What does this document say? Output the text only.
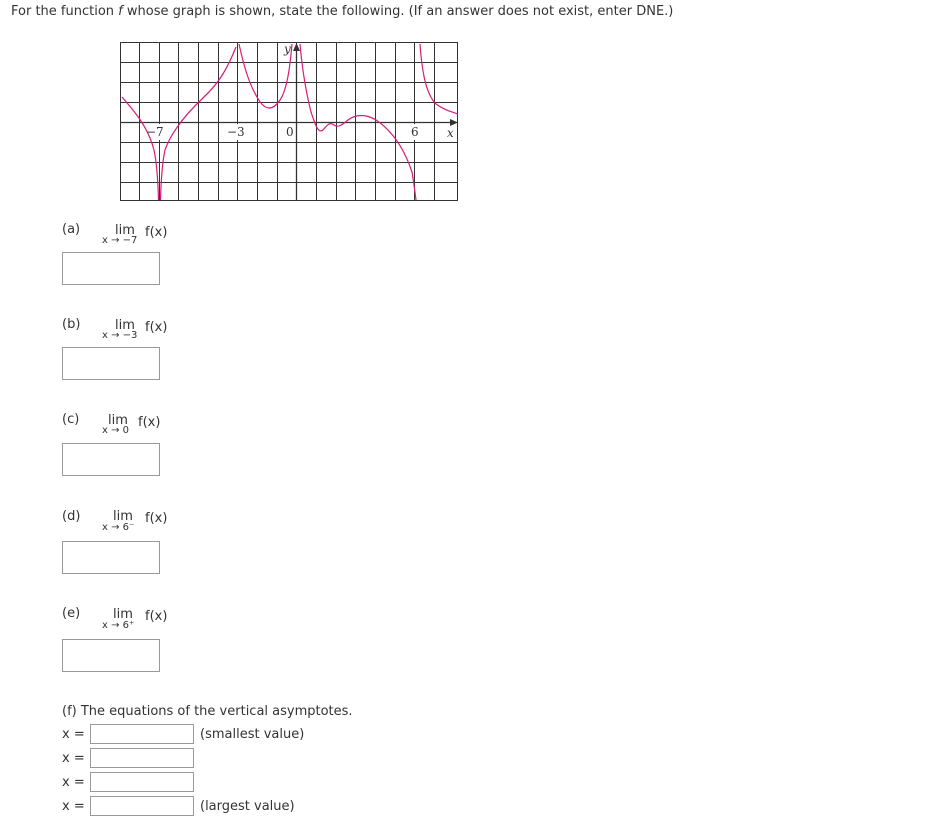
For the function f whose graph is shown, state the following. (If an answer does not exist, enter DNE.)
−7	−3	0	6 x
y
(a)	lim f(x)
x → −7
(b)	lim f(x)
x → −3
(c) lim f(x)
x → 0
(d)	lim f(x)
x → 6⁻
(e)	lim f(x)
x → 6⁺
(f) The equations of the vertical asymptotes.
x =	(smallest value)
x =
x =
x =	(largest value)
